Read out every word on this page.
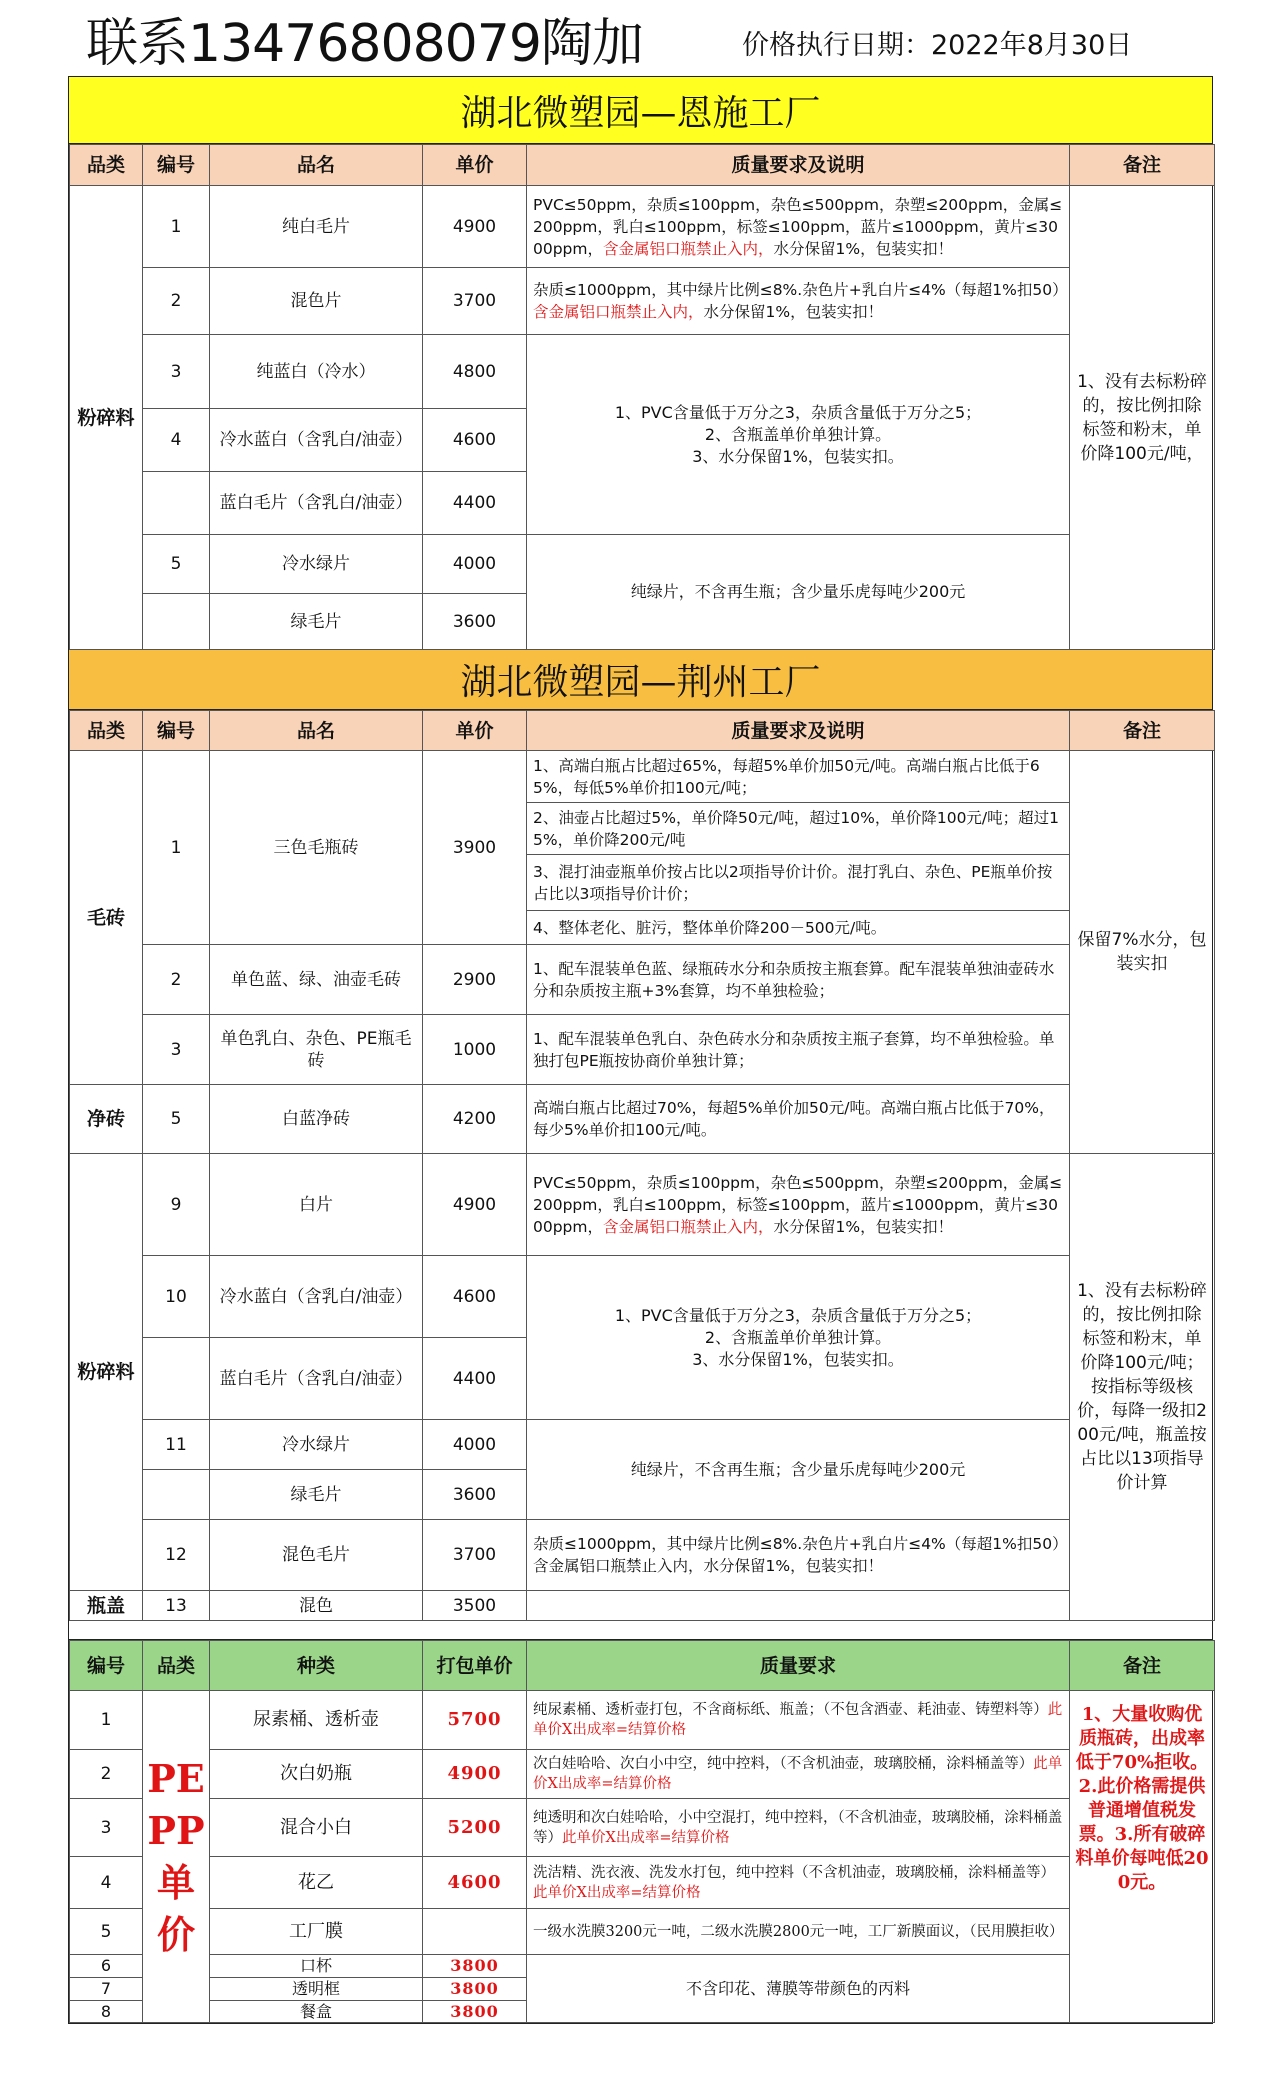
联系13476808079陶加	价格执行日期：2022年8月30日
湖北微塑园—恩施工厂
品类	编号	品名	单价	质量要求及说明	备注
粉碎料	1	纯白毛片	4900	PVC≤50ppm，杂质≤100ppm，杂色≤500ppm，杂塑≤200ppm，金属≤200ppm，乳白≤100ppm，标签≤100ppm，蓝片≤1000ppm，黄片≤3000ppm，含金属铝口瓶禁止入内，水分保留1%，包装实扣！	1、没有去标粉碎的，按比例扣除标签和粉末，单价降100元/吨，
	2	混色片	3700	杂质≤1000ppm，其中绿片比例≤8%.杂色片+乳白片≤4%（每超1%扣50）含金属铝口瓶禁止入内，水分保留1%，包装实扣！	
	3	纯蓝白（冷水）	4800	1、PVC含量低于万分之3，杂质含量低于万分之5；
2、含瓶盖单价单独计算。
3、水分保留1%，包装实扣。	

	4	冷水蓝白（含乳白/油壶）	4600		
		蓝白毛片（含乳白/油壶）	4400		
	5	冷水绿片	4000	纯绿片，不含再生瓶；含少量乐虎每吨少200元	
		绿毛片	3600		
湖北微塑园—荆州工厂
品类	编号	品名	单价	质量要求及说明	备注
毛砖	1	三色毛瓶砖	3900	1、高端白瓶占比超过65%，每超5%单价加50元/吨。高端白瓶占比低于65%，每低5%单价扣100元/吨；	保留7%水分，包装实扣
				2、油壶占比超过5%，单价降50元/吨，超过10%，单价降100元/吨；超过15%，单价降200元/吨	
				3、混打油壶瓶单价按占比以2项指导价计价。混打乳白、杂色、PE瓶单价按占比以3项指导价计价；	
				4、整体老化、脏污，整体单价降200－500元/吨。	
	2	单色蓝、绿、油壶毛砖	2900	1、配车混装单色蓝、绿瓶砖水分和杂质按主瓶套算。配车混装单独油壶砖水分和杂质按主瓶+3%套算，均不单独检验；	
	3	单色乳白、杂色、PE瓶毛砖	1000	1、配车混装单色乳白、杂色砖水分和杂质按主瓶子套算，均不单独检验。单独打包PE瓶按协商价单独计算；	
净砖	5	白蓝净砖	4200	高端白瓶占比超过70%，每超5%单价加50元/吨。高端白瓶占比低于70%，每少5%单价扣100元/吨。	
粉碎料	9	白片	4900	PVC≤50ppm，杂质≤100ppm，杂色≤500ppm，杂塑≤200ppm，金属≤200ppm，乳白≤100ppm，标签≤100ppm，蓝片≤1000ppm，黄片≤3000ppm，含金属铝口瓶禁止入内，水分保留1%，包装实扣！	1、没有去标粉碎的，按比例扣除标签和粉末，单价降100元/吨；按指标等级核价，每降一级扣200元/吨，瓶盖按占比以13项指导价计算
	10	冷水蓝白（含乳白/油壶）	4600	1、PVC含量低于万分之3，杂质含量低于万分之5；
2、含瓶盖单价单独计算。
3、水分保留1%，包装实扣。	

		蓝白毛片（含乳白/油壶）	4400		
	11	冷水绿片	4000	纯绿片，不含再生瓶；含少量乐虎每吨少200元	
		绿毛片	3600		
	12	混色毛片	3700	杂质≤1000ppm，其中绿片比例≤8%.杂色片+乳白片≤4%（每超1%扣50）含金属铝口瓶禁止入内，水分保留1%，包装实扣！	
瓶盖	13	混色	3500		
编号	品类	种类	打包单价	质量要求	备注
1	PE PP 单价	尿素桶、透析壶	5700	纯尿素桶、透析壶打包，不含商标纸、瓶盖；（不包含酒壶、耗油壶、铸塑料等）此单价X出成率=结算价格	1、大量收购优质瓶砖，出成率低于70%拒收。2.此价格需提供普通增值税发票。3.所有破碎料单价每吨低200元。
2		次白奶瓶	4900	次白娃哈哈、次白小中空，纯中控料，（不含机油壶，玻璃胶桶，涂料桶盖等）此单价X出成率=结算价格	
3		混合小白	5200	纯透明和次白娃哈哈，小中空混打，纯中控料，（不含机油壶，玻璃胶桶，涂料桶盖等）此单价X出成率=结算价格	
4		花乙	4600	洗洁精、洗衣液、洗发水打包，纯中控料（不含机油壶，玻璃胶桶，涂料桶盖等）此单价X出成率=结算价格	
5		工厂膜		一级水洗膜3200元一吨，二级水洗膜2800元一吨，工厂新膜面议，（民用膜拒收）	
6		口杯	3800	不含印花、薄膜等带颜色的丙料	
7		透明框	3800		
8		餐盒	3800		
